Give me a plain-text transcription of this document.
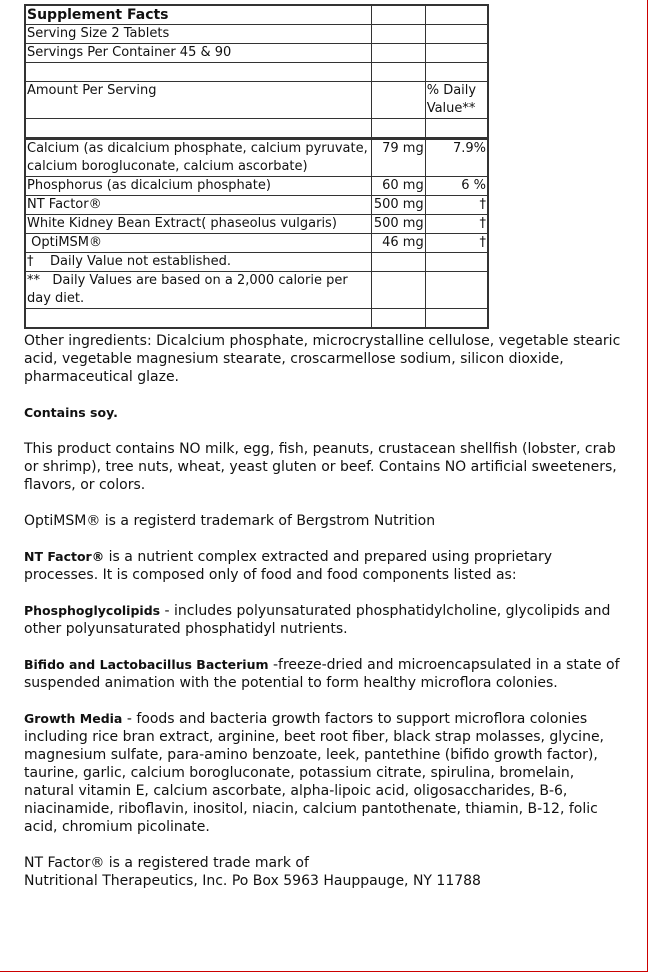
Supplement Facts		
Serving Size 2 Tablets		
Servings Per Container 45 & 90		

Amount Per Serving		% Daily Value**

Calcium (as dicalcium phosphate, calcium pyruvate, calcium borogluconate, calcium ascorbate)	79 mg	7.9%
Phosphorus (as dicalcium phosphate)	60 mg	6 %
NT Factor®	500 mg	†
White Kidney Bean Extract( phaseolus vulgaris)	500 mg	†
OptiMSM®	46 mg	†
†    Daily Value not established.		
**   Daily Values are based on a 2,000 calorie per day diet.		

Other ingredients: Dicalcium phosphate, microcrystalline cellulose, vegetable stearic acid, vegetable magnesium stearate, croscarmellose sodium, silicon dioxide, pharmaceutical glaze.

Contains soy.

This product contains NO milk, egg, fish, peanuts, crustacean shellfish (lobster, crab or shrimp), tree nuts, wheat, yeast gluten or beef. Contains NO artificial sweeteners, flavors, or colors.

OptiMSM® is a registerd trademark of Bergstrom Nutrition

NT Factor® is a nutrient complex extracted and prepared using proprietary processes. It is composed only of food and food components listed as:

Phosphoglycolipids - includes polyunsaturated phosphatidylcholine, glycolipids and other polyunsaturated phosphatidyl nutrients.

Bifido and Lactobacillus Bacterium -freeze-dried and microencapsulated in a state of suspended animation with the potential to form healthy microflora colonies.

Growth Media - foods and bacteria growth factors to support microflora colonies including rice bran extract, arginine, beet root fiber, black strap molasses, glycine, magnesium sulfate, para-amino benzoate, leek, pantethine (bifido growth factor), taurine, garlic, calcium borogluconate, potassium citrate, spirulina, bromelain, natural vitamin E, calcium ascorbate, alpha-lipoic acid, oligosaccharides, B-6, niacinamide, riboflavin, inositol, niacin, calcium pantothenate, thiamin, B-12, folic acid, chromium picolinate.

NT Factor® is a registered trade mark of
Nutritional Therapeutics, Inc. Po Box 5963 Hauppauge, NY 11788
